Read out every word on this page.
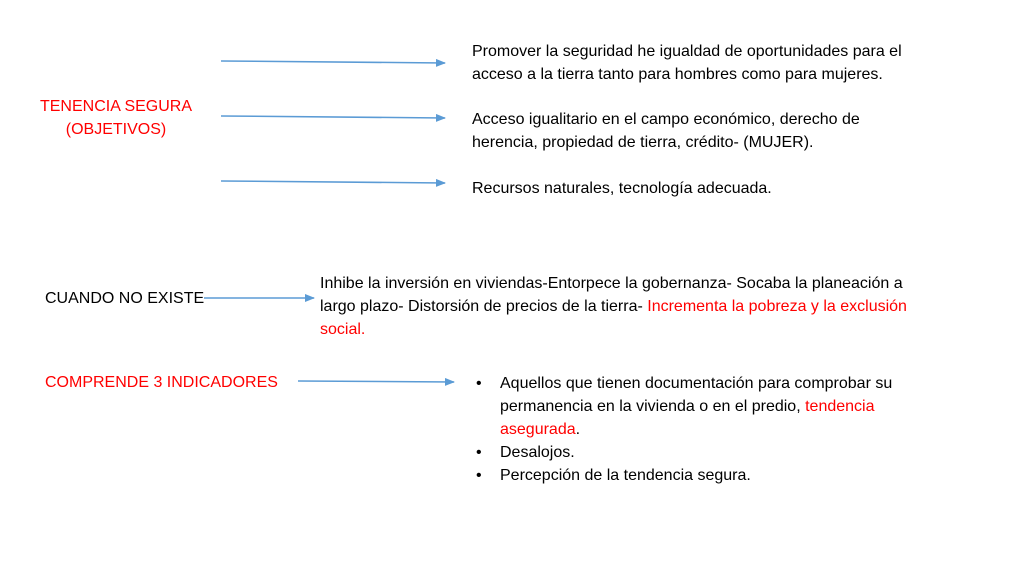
TENENCIA SEGURA
(OBJETIVOS)
Promover la seguridad he igualdad de oportunidades para el
acceso a la tierra tanto para hombres como para mujeres.
Acceso igualitario en el campo económico, derecho de
herencia, propiedad de tierra, crédito- (MUJER).
Recursos naturales, tecnología adecuada.
CUANDO NO EXISTE
Inhibe la inversión en viviendas-Entorpece la gobernanza- Socaba la planeación a
largo plazo- Distorsión de precios de la tierra- Incrementa la pobreza y la exclusión
social.
COMPRENDE 3 INDICADORES	• Aquellos que tienen documentación para comprobar su
permanencia en la vivienda o en el predio, tendencia
asegurada.
• Desalojos.
• Percepción de la tendencia segura.
